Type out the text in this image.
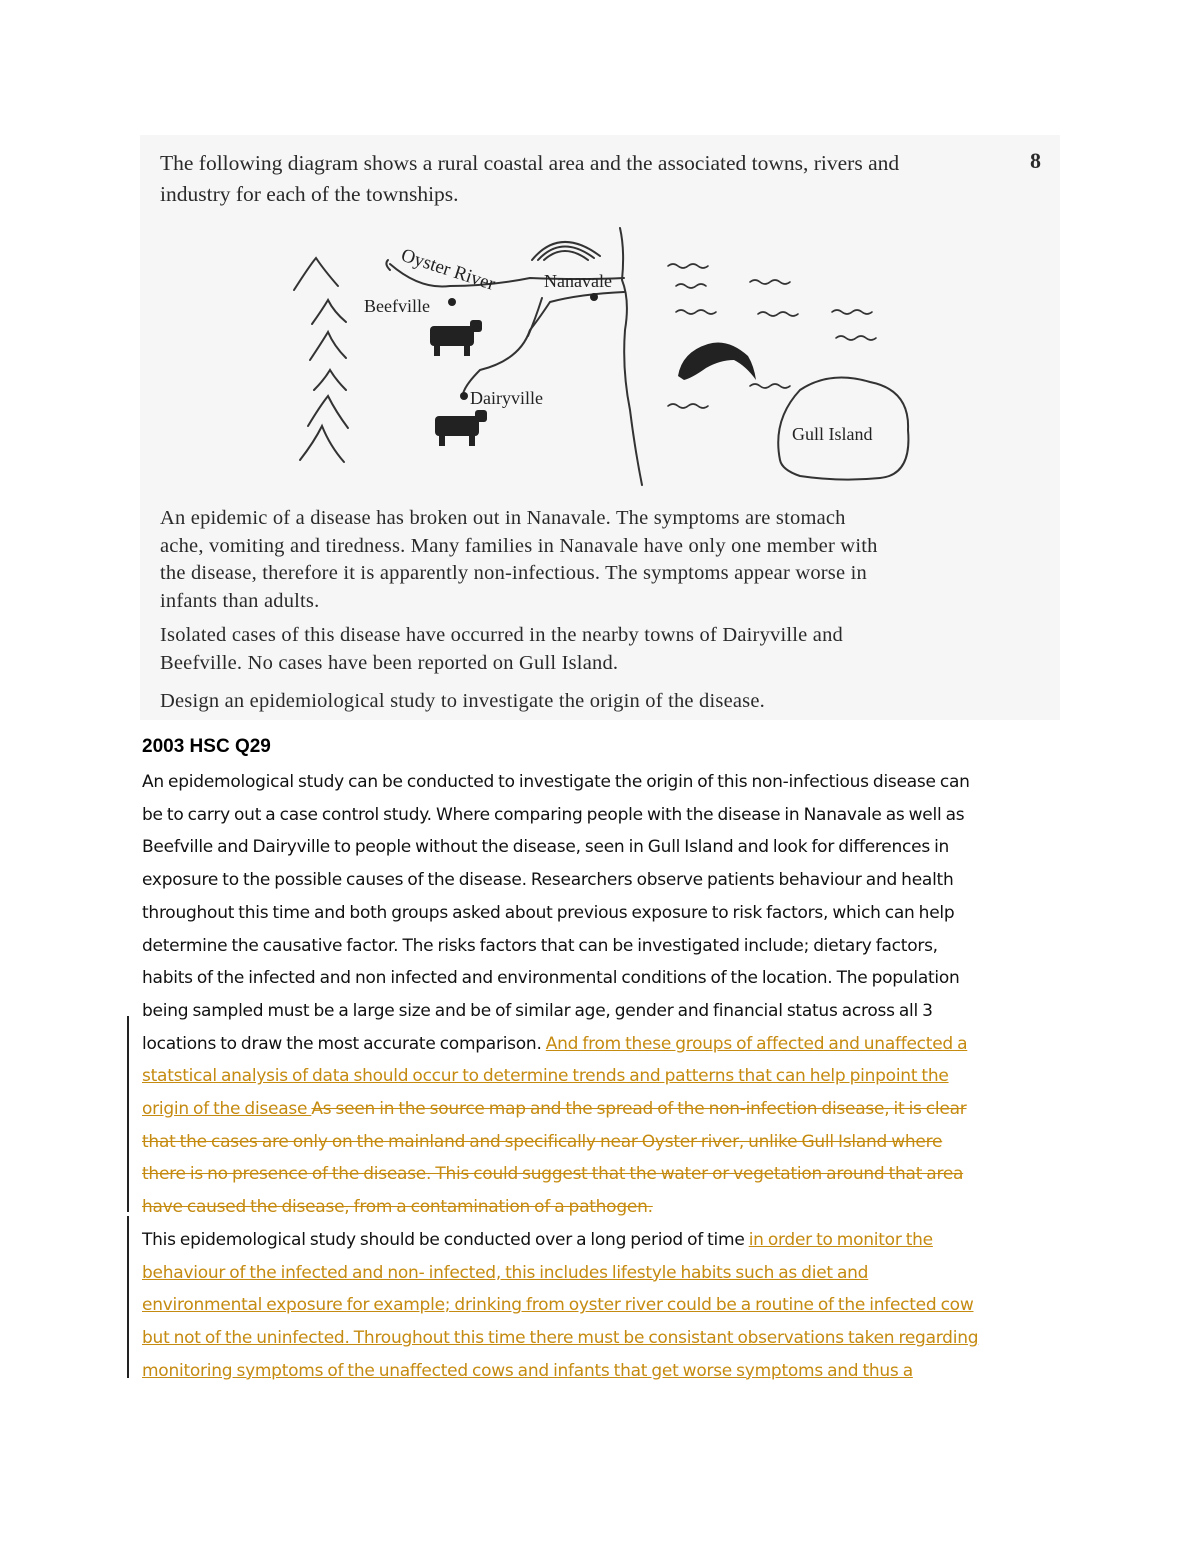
The following diagram shows a rural coastal area and the associated towns, rivers and
industry for each of the townships.

8
Oyster River
Beefville
Nanavale
Dairyville
Gull Island

An epidemic of a disease has broken out in Nanavale. The symptoms are stomach
ache, vomiting and tiredness. Many families in Nanavale have only one member with
the disease, therefore it is apparently non-infectious. The symptoms appear worse in
infants than adults.

Isolated cases of this disease have occurred in the nearby towns of Dairyville and
Beefville. No cases have been reported on Gull Island.

Design an epidemiological study to investigate the origin of the disease.

2003 HSC Q29
An epidemological study can be conducted to investigate the origin of this non-infectious disease can
be to carry out a case control study. Where comparing people with the disease in Nanavale as well as
Beefville and Dairyville to people without the disease, seen in Gull Island and look for differences in
exposure to the possible causes of the disease. Researchers observe patients behaviour and health
throughout this time and both groups asked about previous exposure to risk factors, which can help
determine the causative factor. The risks factors that can be investigated include; dietary factors,
habits of the infected and non infected and environmental conditions of the location. The population
being sampled must be a large size and be of similar age, gender and financial status across all 3
locations to draw the most accurate comparison. And from these groups of affected and unaffected a
statstical analysis of data should occur to determine trends and patterns that can help pinpoint the
origin of the disease As seen in the source map and the spread of the non-infection disease, it is clear
that the cases are only on the mainland and specifically near Oyster river, unlike Gull Island where
there is no presence of the disease. This could suggest that the water or vegetation around that area
have caused the disease, from a contamination of a pathogen.
This epidemological study should be conducted over a long period of time in order to monitor the
behaviour of the infected and non- infected, this includes lifestyle habits such as diet and
environmental exposure for example; drinking from oyster river could be a routine of the infected cow
but not of the uninfected. Throughout this time there must be consistant observations taken regarding
monitoring symptoms of the unaffected cows and infants that get worse symptoms and thus a
